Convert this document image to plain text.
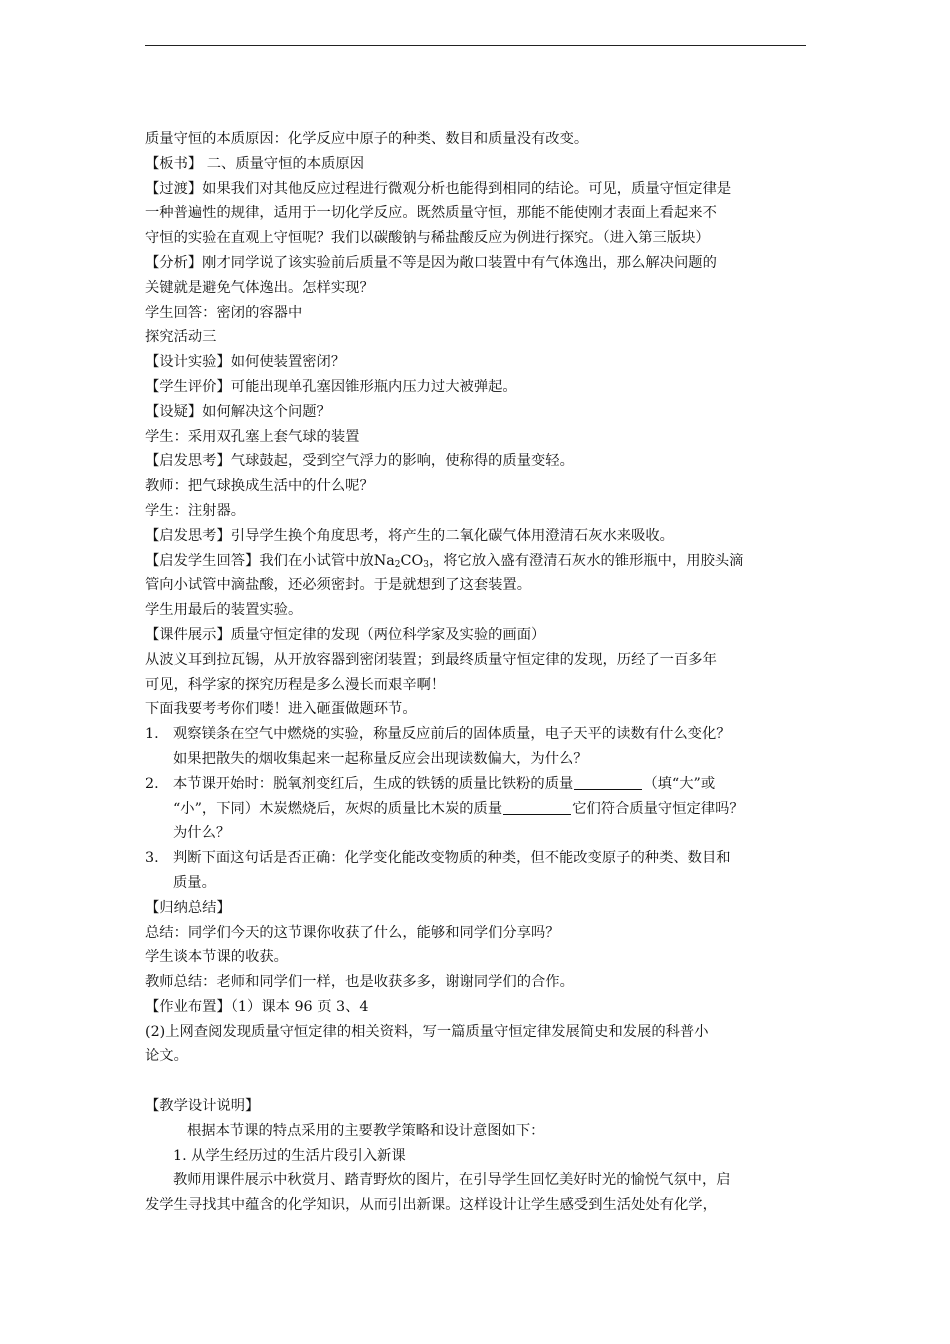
质量守恒的本质原因：化学反应中原子的种类、数目和质量没有改变。
【板书】 二、质量守恒的本质原因
【过渡】如果我们对其他反应过程进行微观分析也能得到相同的结论。可见，质量守恒定律是
一种普遍性的规律，适用于一切化学反应。既然质量守恒，那能不能使刚才表面上看起来不
守恒的实验在直观上守恒呢？我们以碳酸钠与稀盐酸反应为例进行探究。（进入第三版块）
【分析】刚才同学说了该实验前后质量不等是因为敞口装置中有气体逸出，那么解决问题的
关键就是避免气体逸出。怎样实现？
学生回答：密闭的容器中
探究活动三
【设计实验】如何使装置密闭？
【学生评价】可能出现单孔塞因锥形瓶内压力过大被弹起。
【设疑】如何解决这个问题？
学生：采用双孔塞上套气球的装置
【启发思考】气球鼓起，受到空气浮力的影响，使称得的质量变轻。
教师：把气球换成生活中的什么呢？
学生：注射器。
【启发思考】引导学生换个角度思考，将产生的二氧化碳气体用澄清石灰水来吸收。
【启发学生回答】我们在小试管中放$Na_2CO_3$，将它放入盛有澄清石灰水的锥形瓶中，用胶头滴
管向小试管中滴盐酸，还必须密封。于是就想到了这套装置。
学生用最后的装置实验。
【课件展示】质量守恒定律的发现（两位科学家及实验的画面）
从波义耳到拉瓦锡，从开放容器到密闭装置；到最终质量守恒定律的发现，历经了一百多年
可见，科学家的探究历程是多么漫长而艰辛啊！
下面我要考考你们喽！进入砸蛋做题环节。
1. 观察镁条在空气中燃烧的实验，称量反应前后的固体质量，电子天平的读数有什么变化？
如果把散失的烟收集起来一起称量反应会出现读数偏大，为什么？
2. 本节课开始时：脱氧剂变红后，生成的铁锈的质量比铁粉的质量	（填“大”或
“小”，下同）木炭燃烧后，灰烬的质量比木炭的质量	它们符合质量守恒定律吗？
为什么？
3. 判断下面这句话是否正确：化学变化能改变物质的种类，但不能改变原子的种类、数目和
质量。
【归纳总结】
总结：同学们今天的这节课你收获了什么，能够和同学们分享吗？
学生谈本节课的收获。
教师总结：老师和同学们一样，也是收获多多，谢谢同学们的合作。
【作业布置】（1）课本 96 页 3、4
(2)上网查阅发现质量守恒定律的相关资料，写一篇质量守恒定律发展简史和发展的科普小
论文。
【教学设计说明】
根据本节课的特点采用的主要教学策略和设计意图如下：
1. 从学生经历过的生活片段引入新课
教师用课件展示中秋赏月、踏青野炊的图片，在引导学生回忆美好时光的愉悦气氛中，启
发学生寻找其中蕴含的化学知识，从而引出新课。这样设计让学生感受到生活处处有化学，
